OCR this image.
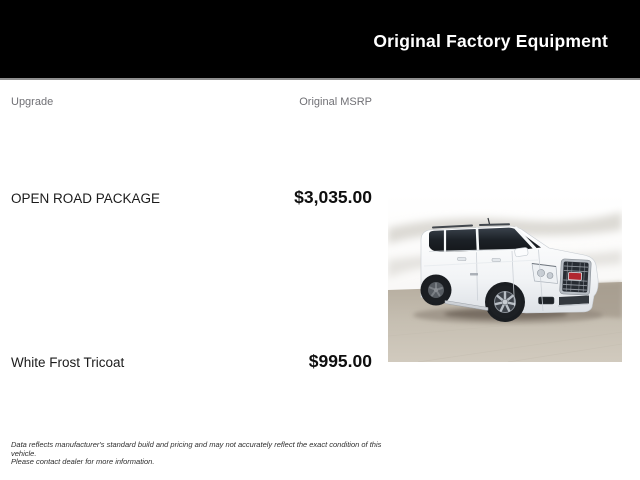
Original Factory Equipment
Upgrade	Original MSRP
OPEN ROAD PACKAGE	$3,035.00
White Frost Tricoat	$995.00
Data reflects manufacturer's standard build and pricing and may not accurately reflect the exact condition of this vehicle.
Please contact dealer for more information.
